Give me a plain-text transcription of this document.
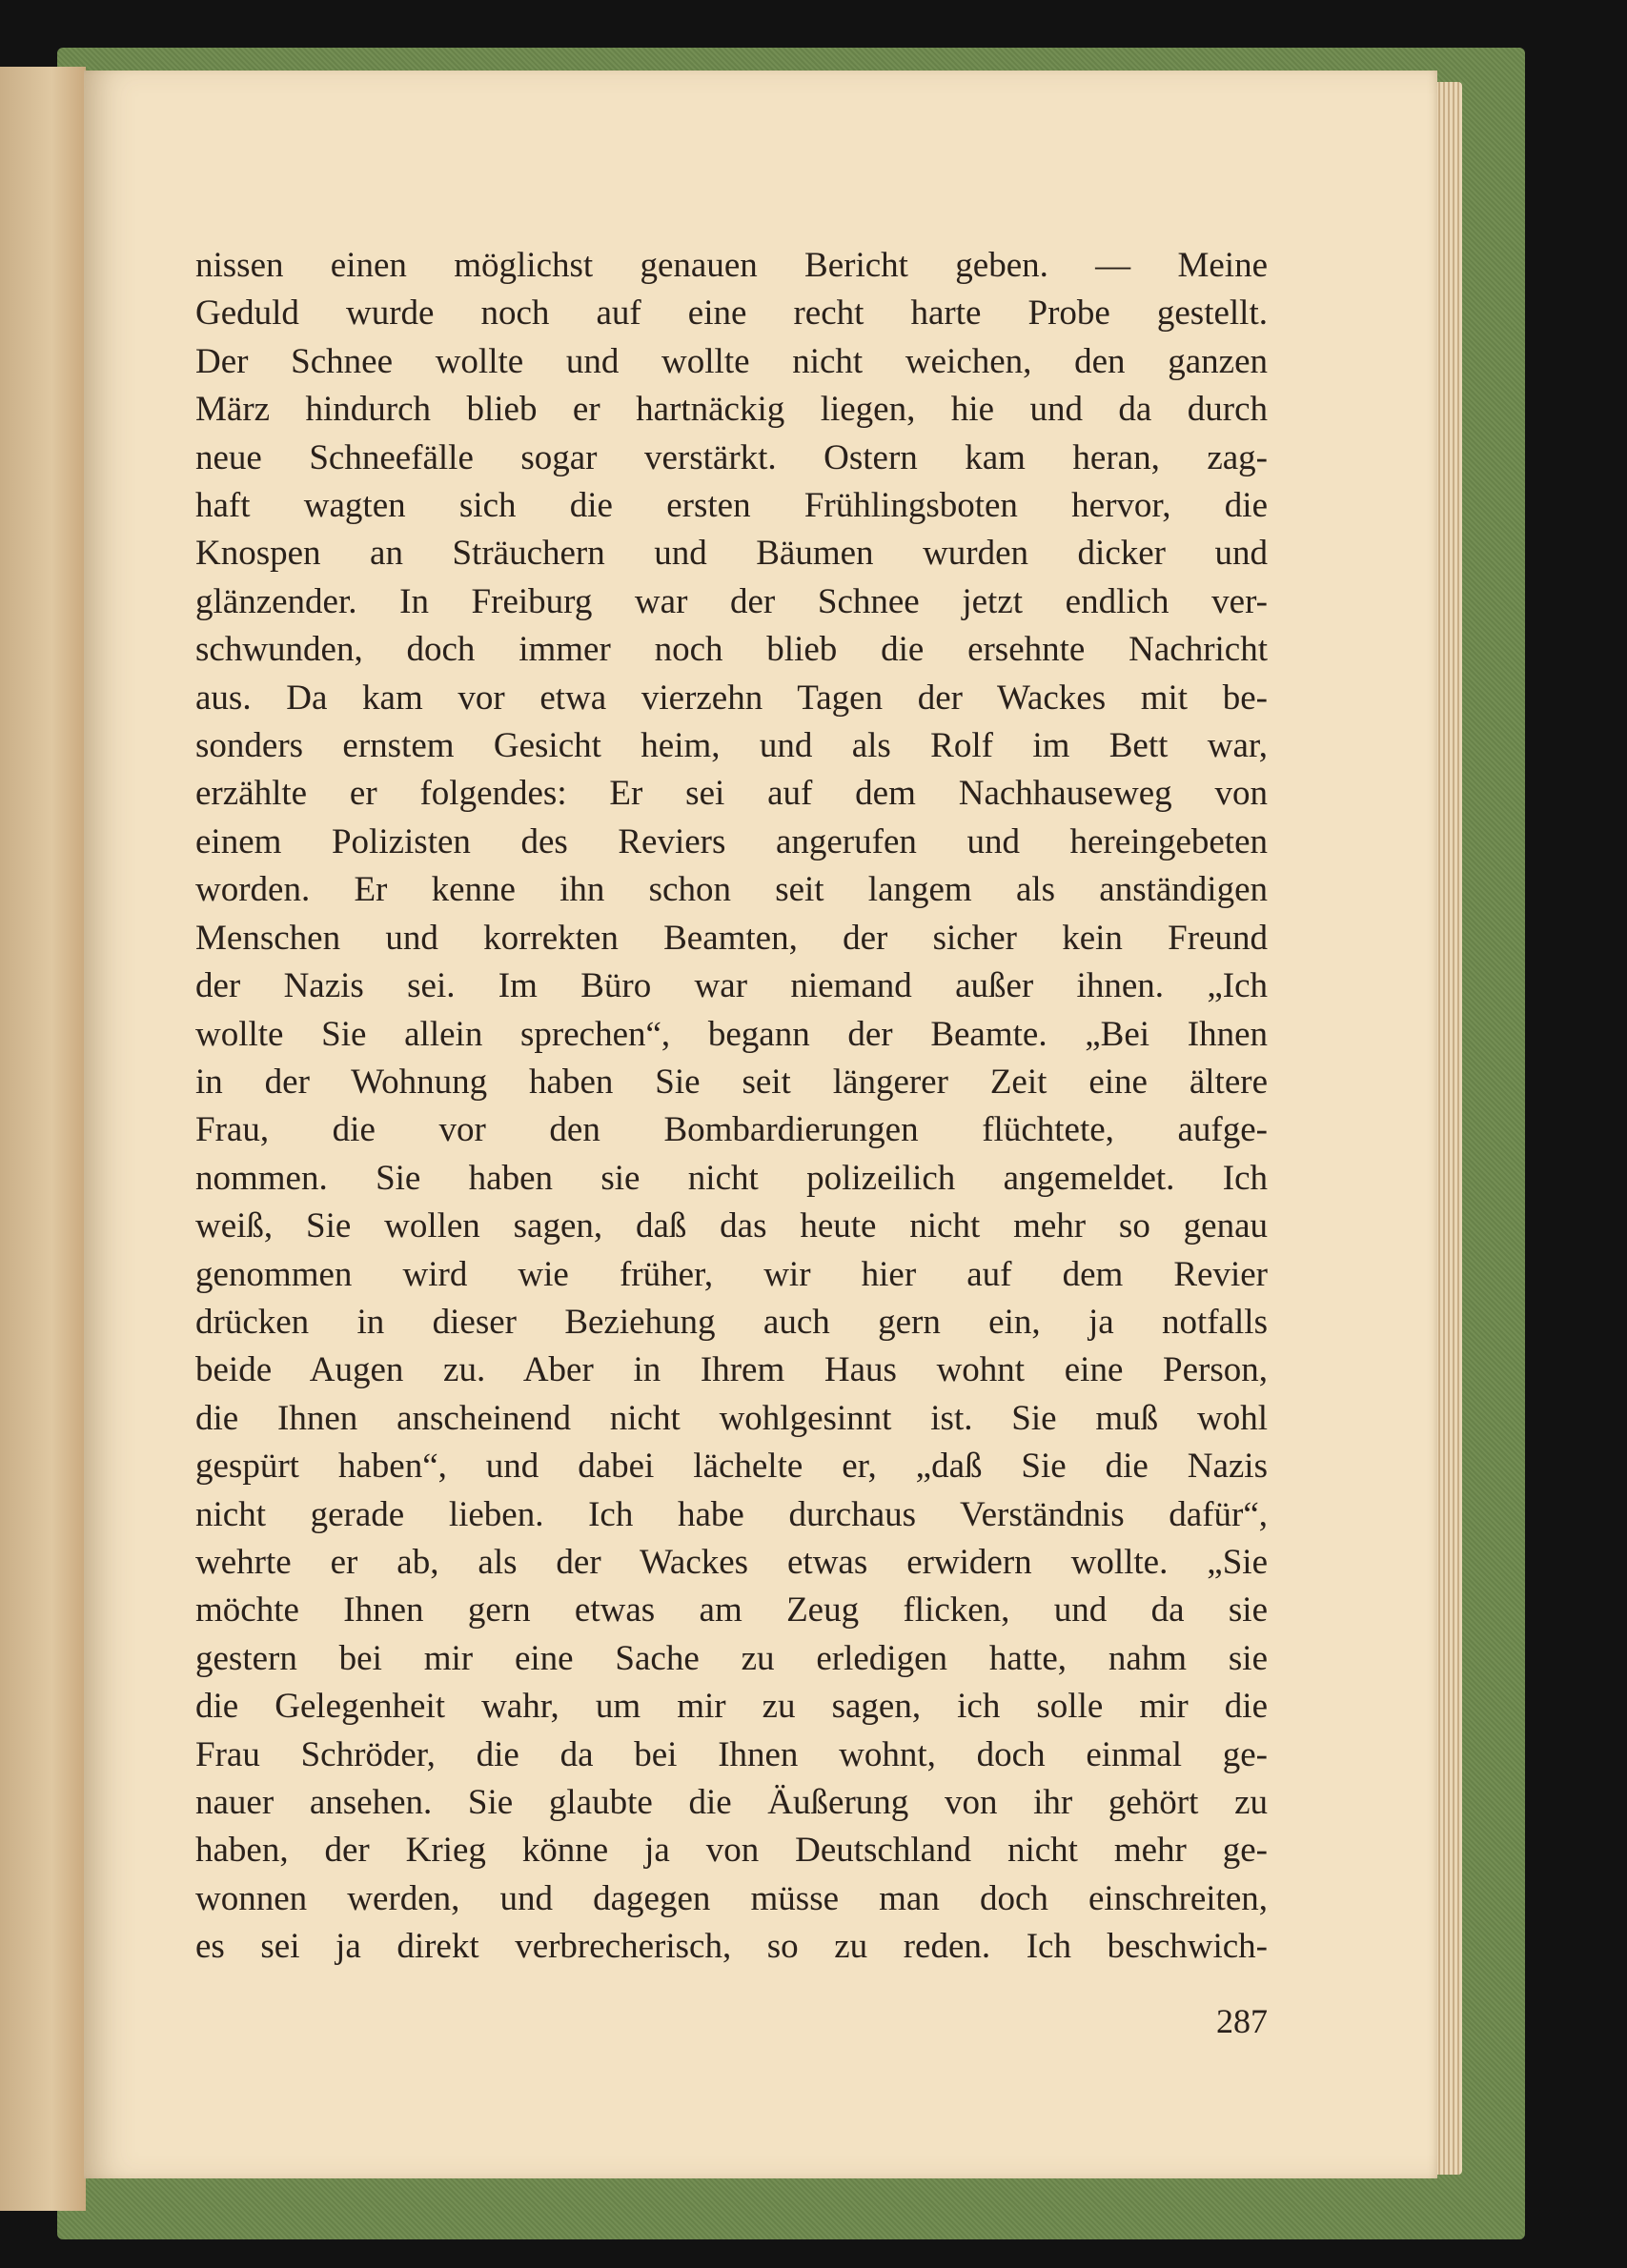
nissen einen möglichst genauen Bericht geben. — Meine
Geduld wurde noch auf eine recht harte Probe gestellt.
Der Schnee wollte und wollte nicht weichen, den ganzen
März hindurch blieb er hartnäckig liegen, hie und da durch
neue Schneefälle sogar verstärkt. Ostern kam heran, zag-
haft wagten sich die ersten Frühlingsboten hervor, die
Knospen an Sträuchern und Bäumen wurden dicker und
glänzender. In Freiburg war der Schnee jetzt endlich ver-
schwunden, doch immer noch blieb die ersehnte Nachricht
aus. Da kam vor etwa vierzehn Tagen der Wackes mit be-
sonders ernstem Gesicht heim, und als Rolf im Bett war,
erzählte er folgendes: Er sei auf dem Nachhauseweg von
einem Polizisten des Reviers angerufen und hereingebeten
worden. Er kenne ihn schon seit langem als anständigen
Menschen und korrekten Beamten, der sicher kein Freund
der Nazis sei. Im Büro war niemand außer ihnen. „Ich
wollte Sie allein sprechen“, begann der Beamte. „Bei Ihnen
in der Wohnung haben Sie seit längerer Zeit eine ältere
Frau, die vor den Bombardierungen flüchtete, aufge-
nommen. Sie haben sie nicht polizeilich angemeldet. Ich
weiß, Sie wollen sagen, daß das heute nicht mehr so genau
genommen wird wie früher, wir hier auf dem Revier
drücken in dieser Beziehung auch gern ein, ja notfalls
beide Augen zu. Aber in Ihrem Haus wohnt eine Person,
die Ihnen anscheinend nicht wohlgesinnt ist. Sie muß wohl
gespürt haben“, und dabei lächelte er, „daß Sie die Nazis
nicht gerade lieben. Ich habe durchaus Verständnis dafür“,
wehrte er ab, als der Wackes etwas erwidern wollte. „Sie
möchte Ihnen gern etwas am Zeug flicken, und da sie
gestern bei mir eine Sache zu erledigen hatte, nahm sie
die Gelegenheit wahr, um mir zu sagen, ich solle mir die
Frau Schröder, die da bei Ihnen wohnt, doch einmal ge-
nauer ansehen. Sie glaubte die Äußerung von ihr gehört zu
haben, der Krieg könne ja von Deutschland nicht mehr ge-
wonnen werden, und dagegen müsse man doch einschreiten,
es sei ja direkt verbrecherisch, so zu reden. Ich beschwich-
287
